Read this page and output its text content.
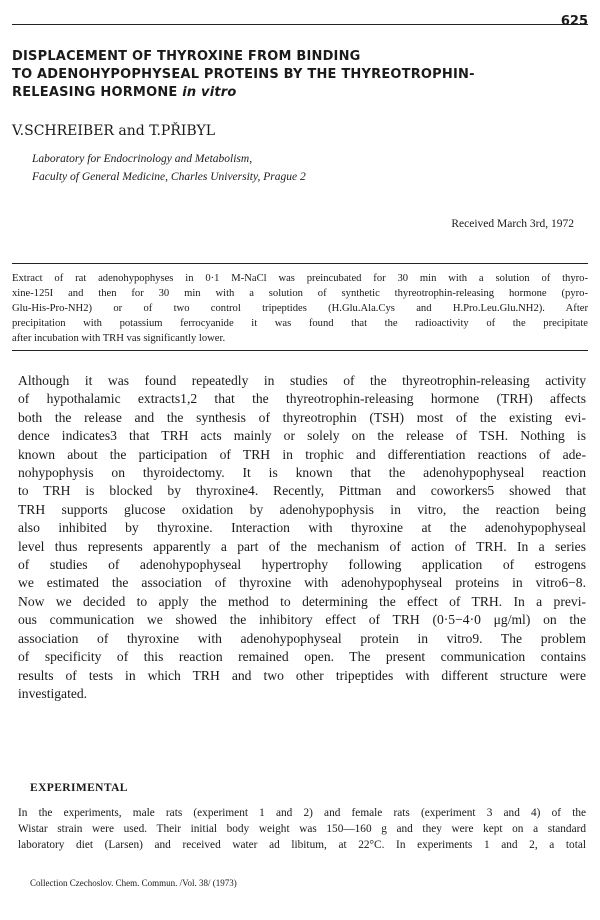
625
DISPLACEMENT OF THYROXINE FROM BINDING
TO ADENOHYPOPHYSEAL PROTEINS BY THE THYREOTROPHIN-
RELEASING HORMONE in vitro
V.SCHREIBER and T.PŘIBYL
Laboratory for Endocrinology and Metabolism,
Faculty of General Medicine, Charles University, Prague 2
Received March 3rd, 1972
Extract of rat adenohypophyses in 0·1 M-NaCl was preincubated for 30 min with a solution of thyro-
xine-125I and then for 30 min with a solution of synthetic thyreotrophin-releasing hormone (pyro-
Glu-His-Pro-NH2) or of two control tripeptides (H.Glu.Ala.Cys and H.Pro.Leu.Glu.NH2). After
precipitation with potassium ferrocyanide it was found that the radioactivity of the precipitate
after incubation with TRH vas significantly lower.
Although it was found repeatedly in studies of the thyreotrophin-releasing activity
of hypothalamic extracts1,2 that the thyreotrophin-releasing hormone (TRH) affects
both the release and the synthesis of thyreotrophin (TSH) most of the existing evi-
dence indicates3 that TRH acts mainly or solely on the release of TSH. Nothing is
known about the participation of TRH in trophic and differentiation reactions of ade-
nohypophysis on thyroidectomy. It is known that the adenohypophyseal reaction
to TRH is blocked by thyroxine4. Recently, Pittman and coworkers5 showed that
TRH supports glucose oxidation by adenohypophysis in vitro, the reaction being
also inhibited by thyroxine. Interaction with thyroxine at the adenohypophyseal
level thus represents apparently a part of the mechanism of action of TRH. In a series
of studies of adenohypophyseal hypertrophy following application of estrogens
we estimated the association of thyroxine with adenohypophyseal proteins in vitro6−8.
Now we decided to apply the method to determining the effect of TRH. In a previ-
ous communication we showed the inhibitory effect of TRH (0·5−4·0 μg/ml) on the
association of thyroxine with adenohypophyseal protein in vitro9. The problem
of specificity of this reaction remained open. The present communication contains
results of tests in which TRH and two other tripeptides with different structure were
investigated.
EXPERIMENTAL
In the experiments, male rats (experiment 1 and 2) and female rats (experiment 3 and 4) of the
Wistar strain were used. Their initial body weight was 150—160 g and they were kept on a standard
laboratory diet (Larsen) and received water ad libitum, at 22°C. In experiments 1 and 2, a total
Collection Czechoslov. Chem. Commun. /Vol. 38/ (1973)
